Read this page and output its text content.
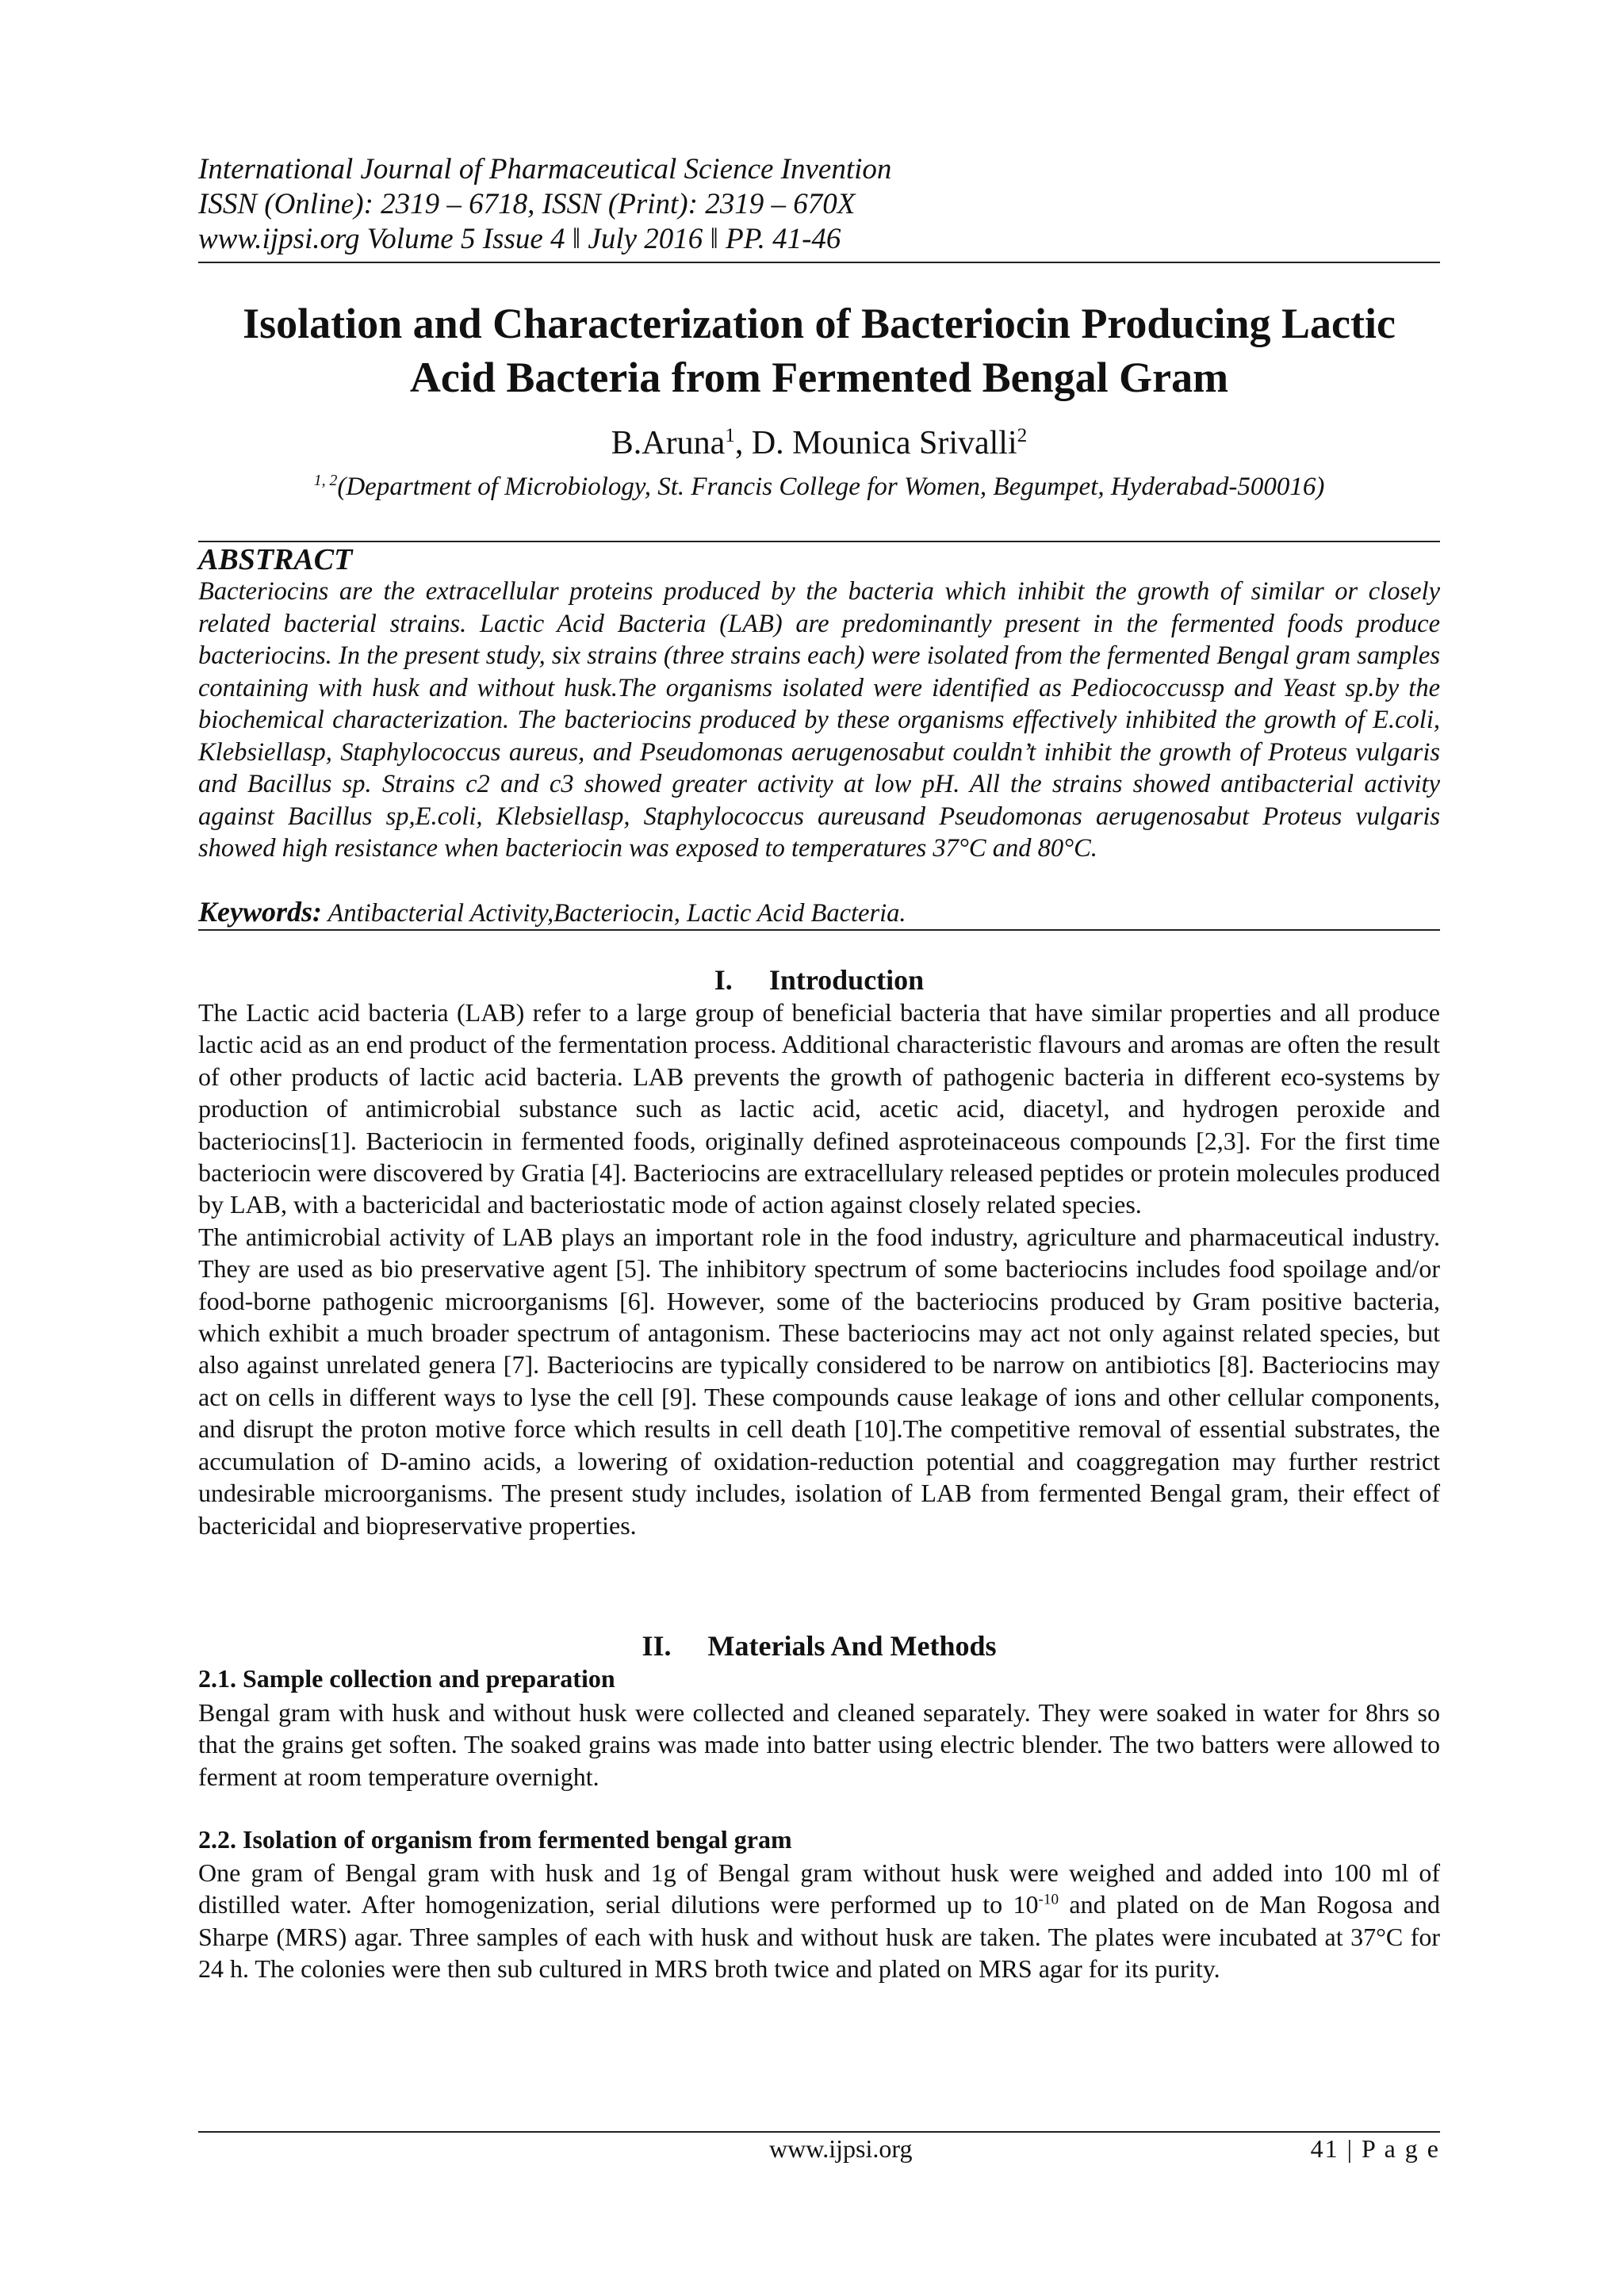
International Journal of Pharmaceutical Science Invention
ISSN (Online): 2319 – 6718, ISSN (Print): 2319 – 670X
www.ijpsi.org Volume 5 Issue 4 ǁ July 2016 ǁ PP. 41-46
Isolation and Characterization of Bacteriocin Producing Lactic
Acid Bacteria from Fermented Bengal Gram
B.Aruna$^1$, D. Mounica Srivalli$^2$
$^{1, 2}$(Department of Microbiology, St. Francis College for Women, Begumpet, Hyderabad-500016)
ABSTRACT
Bacteriocins are the extracellular proteins produced by the bacteria which inhibit the growth of similar or closely related bacterial strains. Lactic Acid Bacteria (LAB) are predominantly present in the fermented foods produce bacteriocins. In the present study, six strains (three strains each) were isolated from the fermented Bengal gram samples containing with husk and without husk.The organisms isolated were identified as Pediococcussp and Yeast sp.by the biochemical characterization. The bacteriocins produced by these organisms effectively inhibited the growth of E.coli, Klebsiellasp, Staphylococcus aureus, and Pseudomonas aerugenosabut couldn’t inhibit the growth of Proteus vulgaris and Bacillus sp. Strains c2 and c3 showed greater activity at low pH. All the strains showed antibacterial activity against Bacillus sp,E.coli, Klebsiellasp, Staphylococcus aureusand Pseudomonas aerugenosabut Proteus vulgaris showed high resistance when bacteriocin was exposed to temperatures 37°C and 80°C.
Keywords: Antibacterial Activity,Bacteriocin, Lactic Acid Bacteria.
I. Introduction

The Lactic acid bacteria (LAB) refer to a large group of beneficial bacteria that have similar properties and all produce lactic acid as an end product of the fermentation process. Additional characteristic flavours and aromas are often the result of other products of lactic acid bacteria. LAB prevents the growth of pathogenic bacteria in different eco-systems by production of antimicrobial substance such as lactic acid, acetic acid, diacetyl, and hydrogen peroxide and bacteriocins[1]. Bacteriocin in fermented foods, originally defined asproteinaceous compounds [2,3]. For the first time bacteriocin were discovered by Gratia [4]. Bacteriocins are extracellulary released peptides or protein molecules produced by LAB, with a bactericidal and bacteriostatic mode of action against closely related species.

The antimicrobial activity of LAB plays an important role in the food industry, agriculture and pharmaceutical industry. They are used as bio preservative agent [5]. The inhibitory spectrum of some bacteriocins includes food spoilage and/or food-borne pathogenic microorganisms [6]. However, some of the bacteriocins produced by Gram positive bacteria, which exhibit a much broader spectrum of antagonism. These bacteriocins may act not only against related species, but also against unrelated genera [7]. Bacteriocins are typically considered to be narrow on antibiotics [8]. Bacteriocins may act on cells in different ways to lyse the cell [9]. These compounds cause leakage of ions and other cellular components, and disrupt the proton motive force which results in cell death [10].The competitive removal of essential substrates, the accumulation of D-amino acids, a lowering of oxidation-reduction potential and coaggregation may further restrict undesirable microorganisms. The present study includes, isolation of LAB from fermented Bengal gram, their effect of bactericidal and biopreservative properties.

II. Materials And Methods
2.1. Sample collection and preparation
Bengal gram with husk and without husk were collected and cleaned separately. They were soaked in water for 8hrs so that the grains get soften. The soaked grains was made into batter using electric blender. The two batters were allowed to ferment at room temperature overnight.
2.2. Isolation of organism from fermented bengal gram

One gram of Bengal gram with husk and 1g of Bengal gram without husk were weighed and added into 100 ml of distilled water. After homogenization, serial dilutions were performed up to $10^{-10}$ and plated on de Man Rogosa and Sharpe (MRS) agar. Three samples of each with husk and without husk are taken. The plates were incubated at 37°C for 24 h. The colonies were then sub cultured in MRS broth twice and plated on MRS agar for its purity.

www.ijpsi.org	41 | P a g e
